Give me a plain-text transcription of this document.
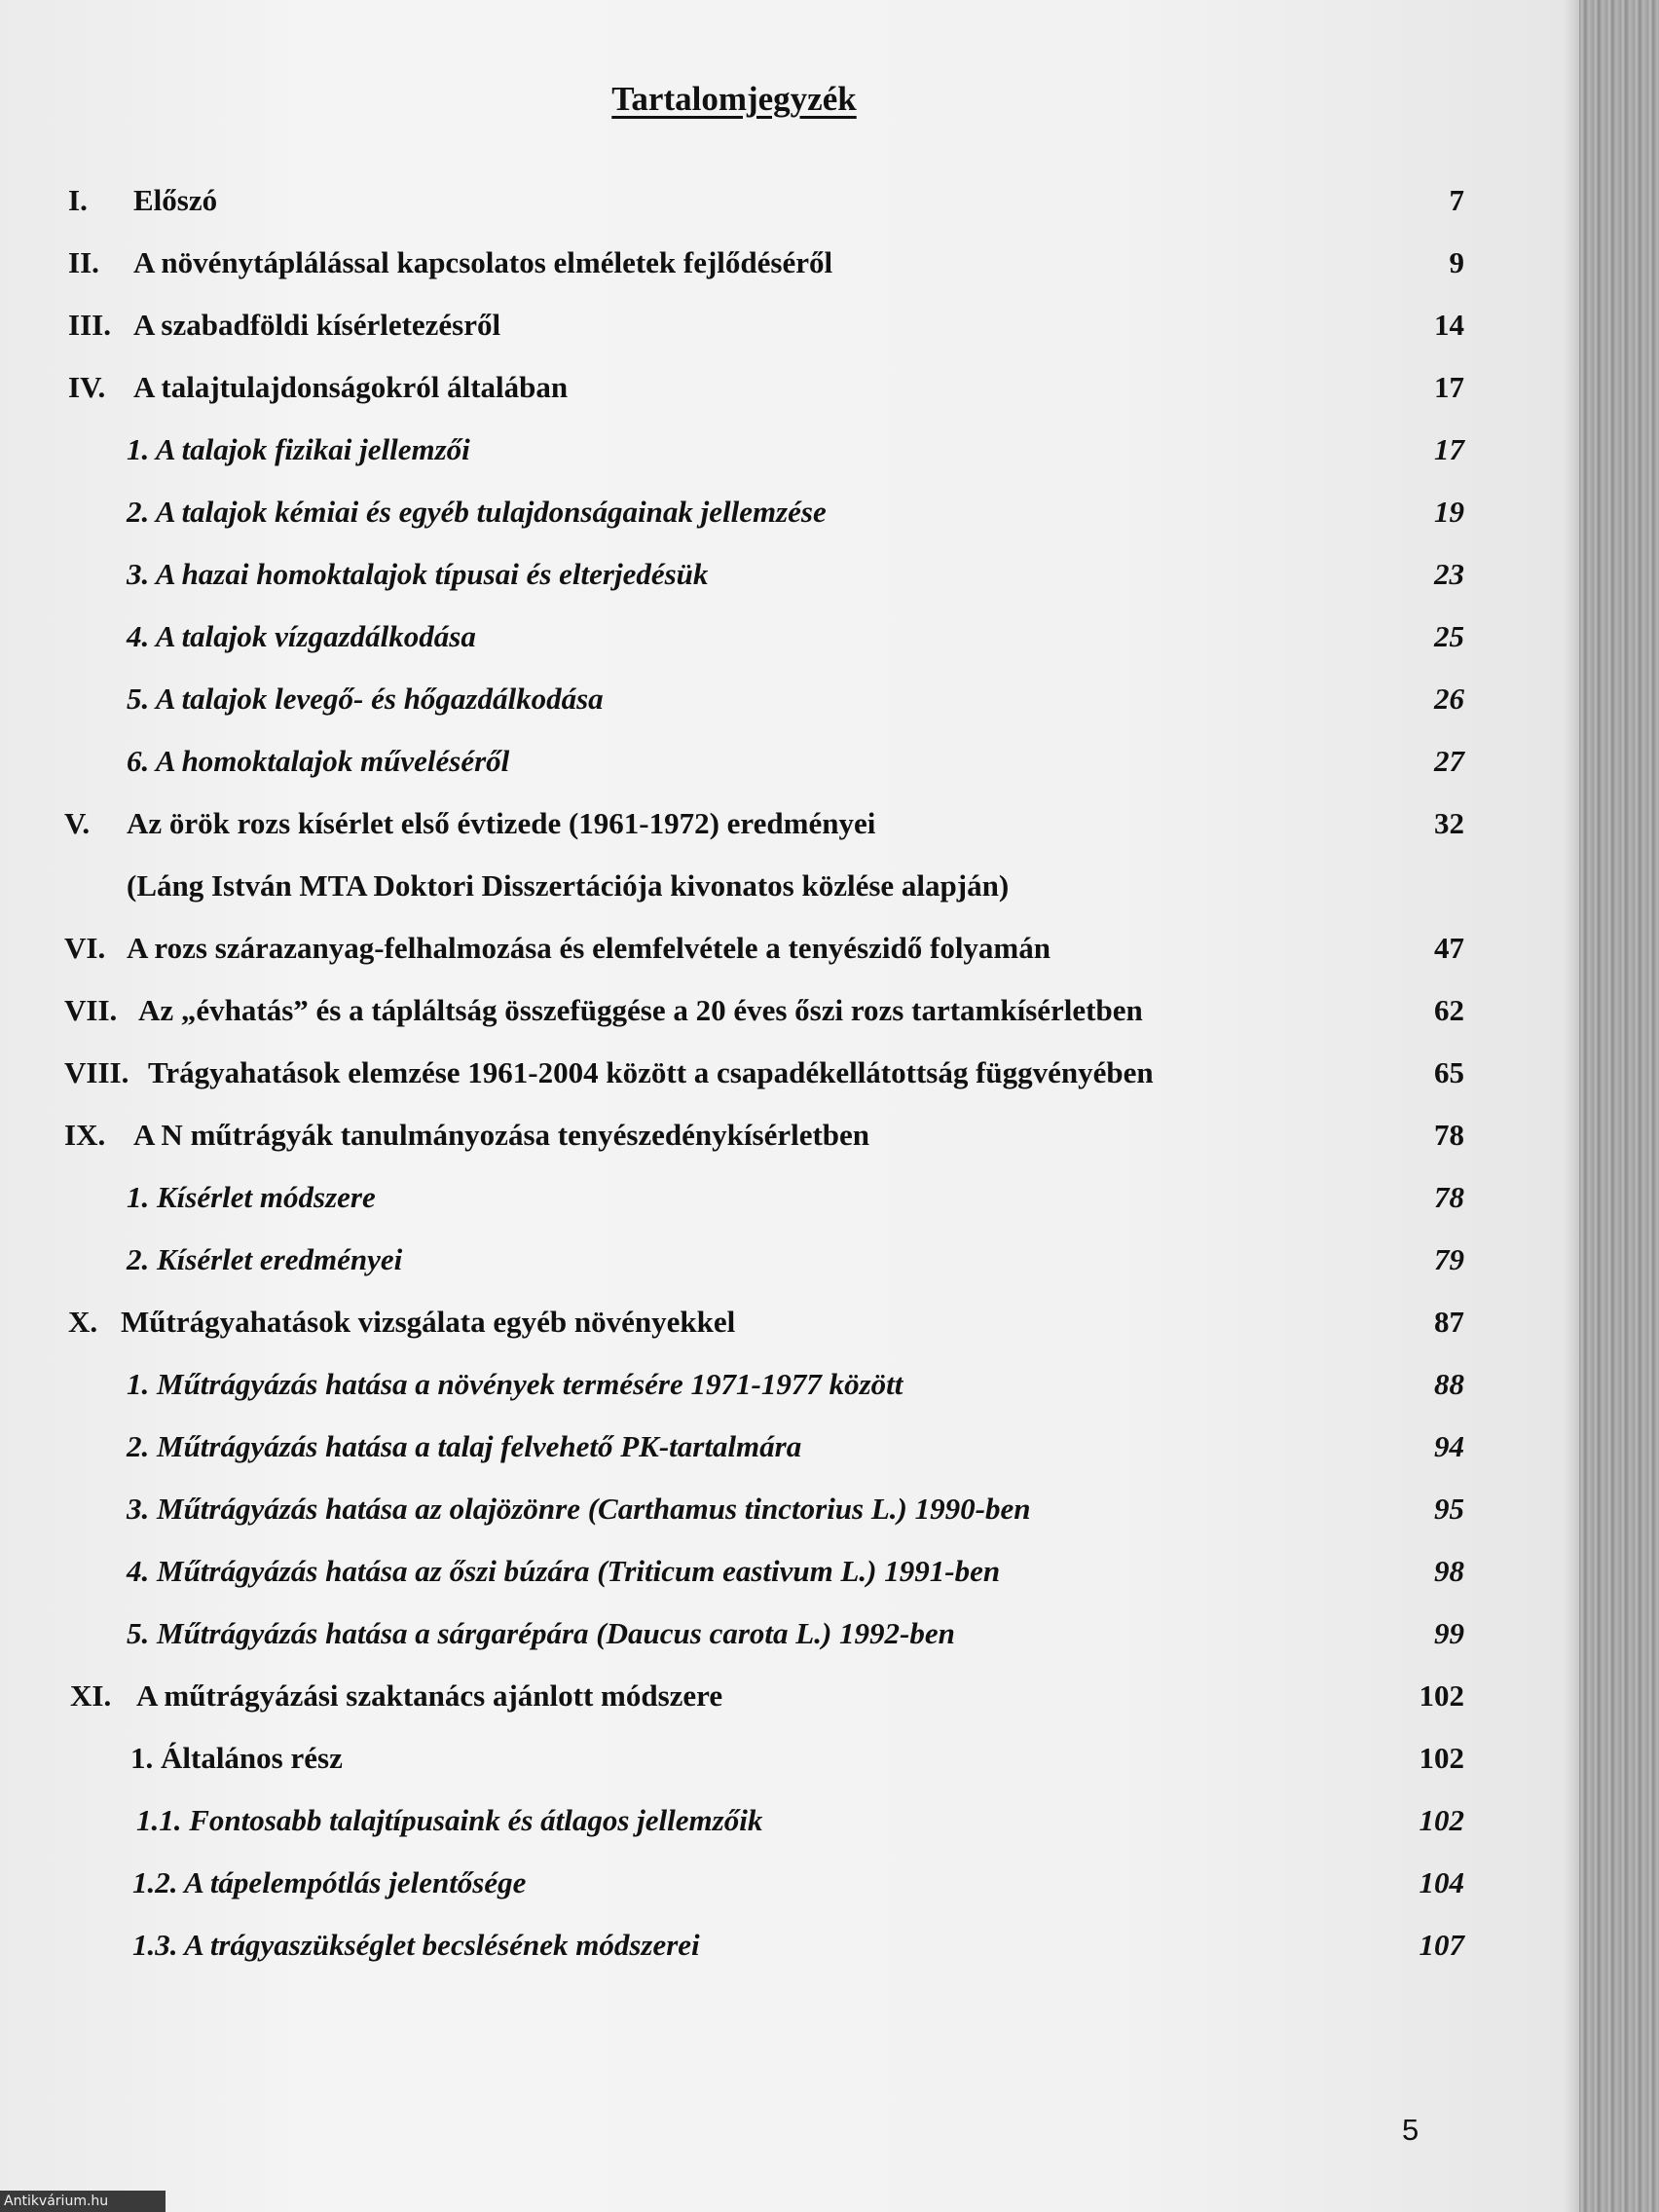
Tartalomjegyzék
I. Előszó	7
II. A növénytáplálással kapcsolatos elméletek fejlődéséről	9
III. A szabadföldi kísérletezésről	14
IV. A talajtulajdonságokról általában	17
1. A talajok fizikai jellemzői	17
2. A talajok kémiai és egyéb tulajdonságainak jellemzése	19
3. A hazai homoktalajok típusai és elterjedésük	23
4. A talajok vízgazdálkodása	25
5. A talajok levegő- és hőgazdálkodása	26
6. A homoktalajok műveléséről	27
V. Az örök rozs kísérlet első évtizede (1961-1972) eredményei	32
(Láng István MTA Doktori Disszertációja kivonatos közlése alapján)
VI. A rozs szárazanyag-felhalmozása és elemfelvétele a tenyészidő folyamán	47
VII. Az „évhatás” és a tápláltság összefüggése a 20 éves őszi rozs tartamkísérletben	62
VIII. Trágyahatások elemzése 1961-2004 között a csapadékellátottság függvényében	65
IX. A N műtrágyák tanulmányozása tenyészedénykísérletben	78
1. Kísérlet módszere	78
2. Kísérlet eredményei	79
X. Műtrágyahatások vizsgálata egyéb növényekkel	87
1. Műtrágyázás hatása a növények termésére 1971-1977 között	88
2. Műtrágyázás hatása a talaj felvehető PK-tartalmára	94
3. Műtrágyázás hatása az olajözönre (Carthamus tinctorius L.) 1990-ben	95
4. Műtrágyázás hatása az őszi búzára (Triticum eastivum L.) 1991-ben	98
5. Műtrágyázás hatása a sárgarépára (Daucus carota L.) 1992-ben	99
XI. A műtrágyázási szaktanács ajánlott módszere	102
1. Általános rész	102
1.1. Fontosabb talajtípusaink és átlagos jellemzőik	102
1.2. A tápelempótlás jelentősége	104
1.3. A trágyaszükséglet becslésének módszerei	107
5
Antikvárium.hu
